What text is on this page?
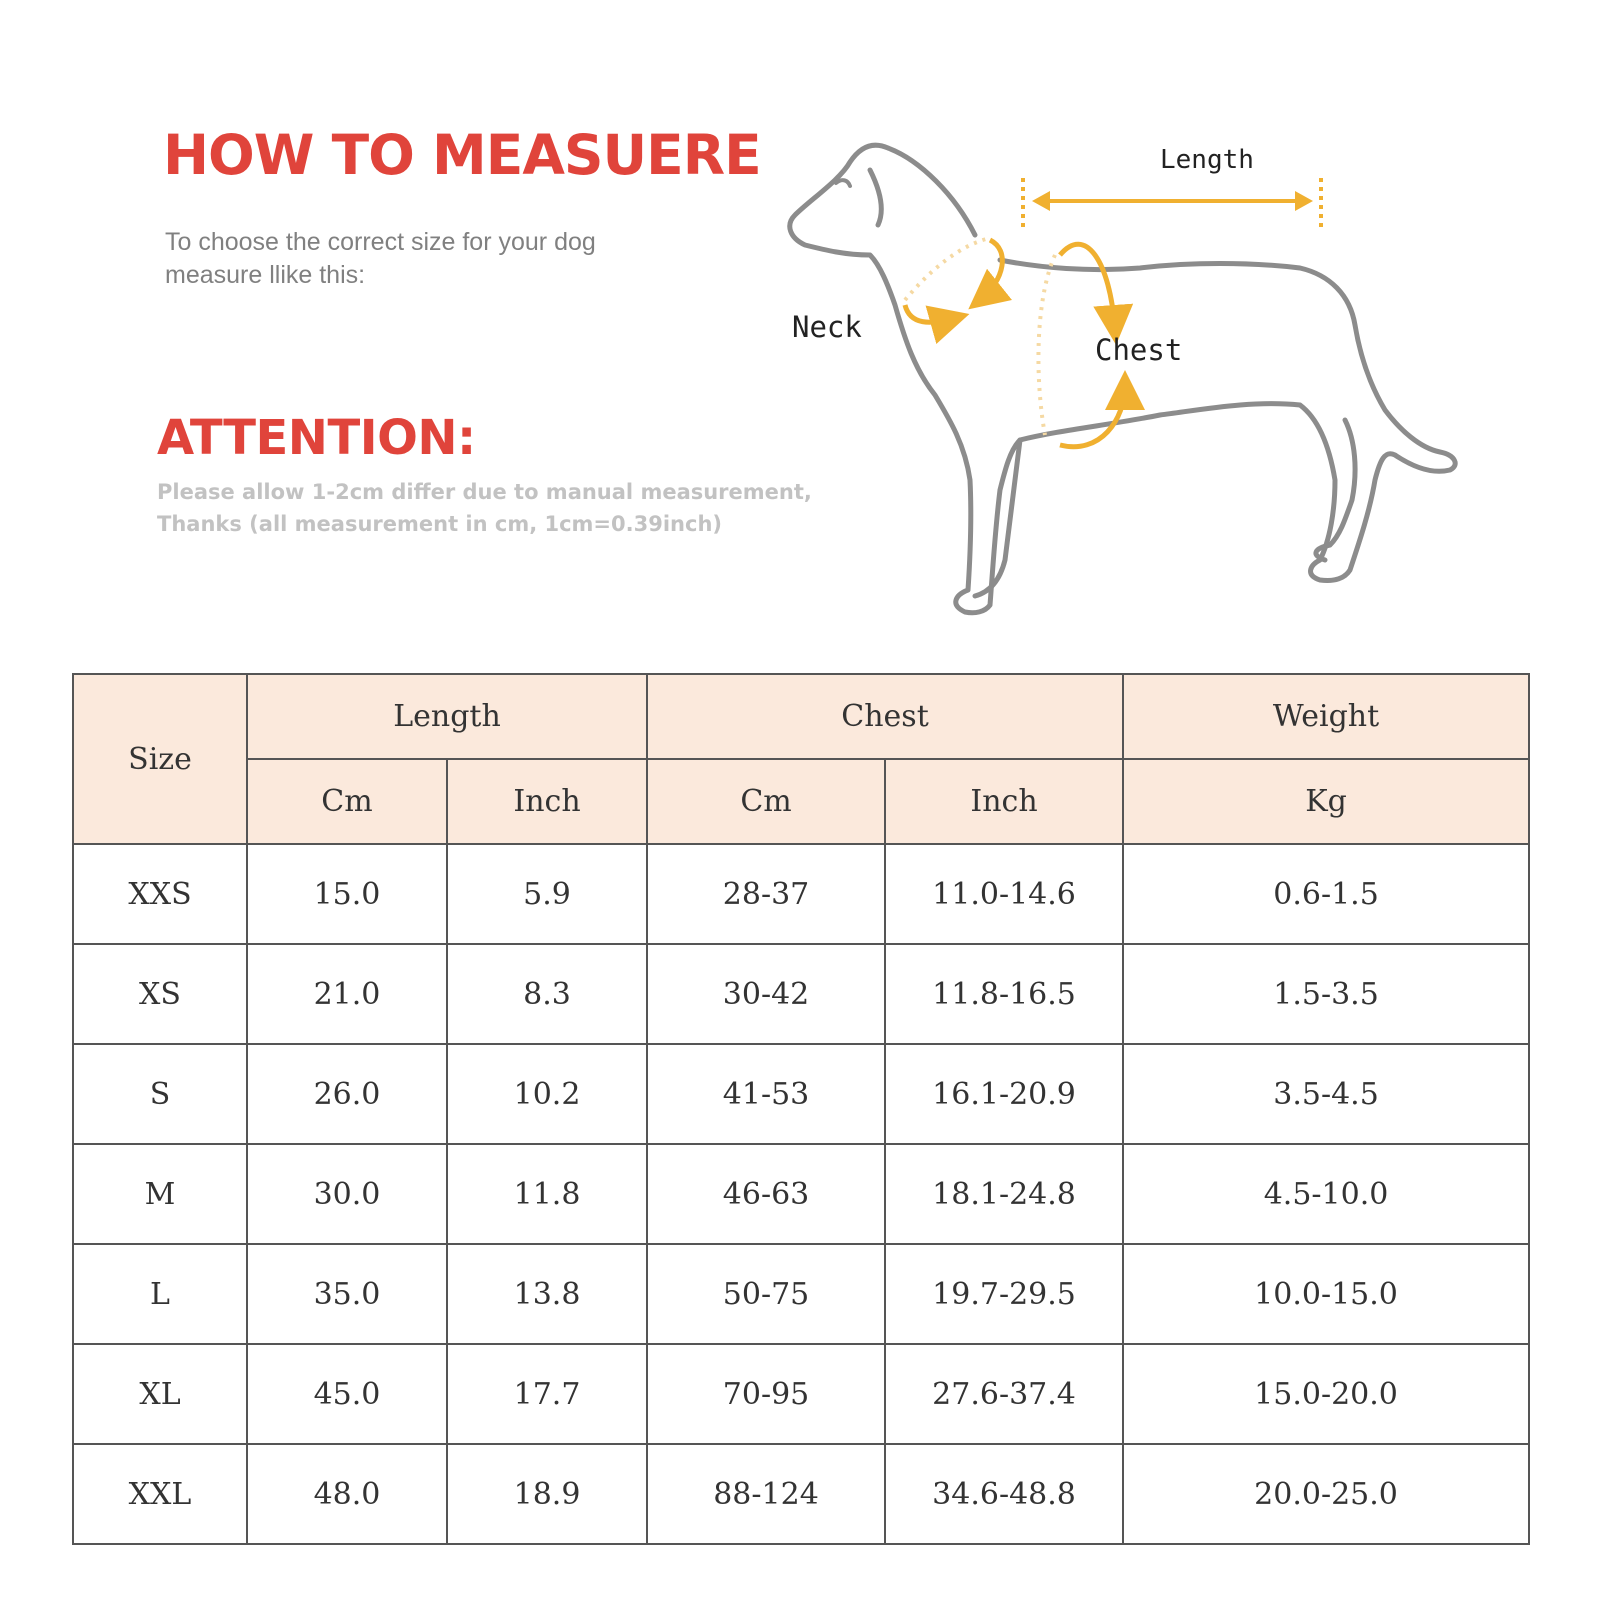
HOW TO MEASUERE
To choose the correct size for your dog
measure llike this:
ATTENTION:
Please allow 1-2cm differ due to manual measurement,
Thanks (all measurement in cm, 1cm=0.39inch)
Length
Neck
Chest
Size	Length		Chest		Weight
	Cm	Inch	Cm	Inch	Kg
XXS	15.0	5.9	28-37	11.0-14.6	0.6-1.5
XS	21.0	8.3	30-42	11.8-16.5	1.5-3.5
S	26.0	10.2	41-53	16.1-20.9	3.5-4.5
M	30.0	11.8	46-63	18.1-24.8	4.5-10.0
L	35.0	13.8	50-75	19.7-29.5	10.0-15.0
XL	45.0	17.7	70-95	27.6-37.4	15.0-20.0
XXL	48.0	18.9	88-124	34.6-48.8	20.0-25.0
